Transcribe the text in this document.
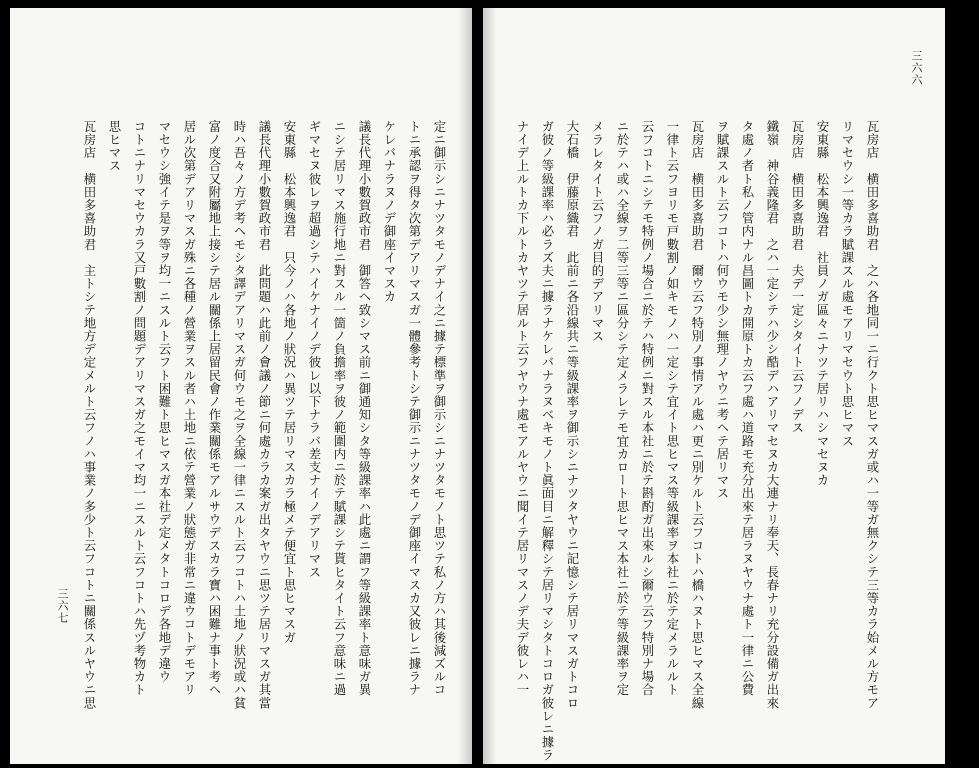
瓦房店　横田多喜助君　主トシテ地方デ定メルト云フノハ事業ノ多少ト云フコトニ關係スルヤウニ思 思ヒマス コトニナリマセウカラ又戸數割ノ問題デアリマスガ之モイマ均一ニスルト云フコトハ先ヅ考物カト マセウシ強イテ是ヲ等ヲ均一ニスルト云フト困難ト思ヒマスガ本社デ定メタトコロデ各地デ違ウ 居ル次第デアリマスガ殊ニ各種ノ營業ヲスル者ハ土地ニ依テ營業ノ狀態ガ非常ニ違ウコトデモアリ 富ノ度合又附屬地上接シテ居ル關係上居留民會ノ作業關係モアルサウデスカラ寶ハ困難ナ事ト考ヘ 時ハ吾々ノ方デ考ヘモシタ譯デアリマスガ何ウモ之ヲ全線一律ニスルト云フコトハ土地ノ狀況或ハ貧 議長代理小數賀政市君　此問題ハ此前ノ會議ノ節ニ何處カラカ案ガ出タヤウニ思ツテ居リマスガ其當 安東縣　松本興逸君　只今ノハ各地ノ狀況ハ異ツテ居リマスカラ極メテ便宜ト思ヒマスガ ギマセヌ彼レヲ超過シテハイケナイノデ彼レ以下ナラバ差支ナイノデアリマス ニシテ居リマス施行地ニ對スル一箇ノ負擔率ヲ彼ノ範圍内ニ於テ賦課シテ貰ヒタイト云フ意味ニ過 議長代理小數賀政市君　御答ヘ致シマス前ニ御通知シタ等級課率ハ此處ニ謂フ等級課率ト意味ガ異 ケレバナラヌノデ御座イマスカ トニ承認ヲ得タ次第デアリマスガ一體參考トシテ御示ニナツタモノデ御座イマスカ又彼レニ據ラナ 定ニ御示シニナツタモノデナイ之ニ據テ標準ヲ御示シニナツタモノト思ツテ私ノ方ハ其後減ズルコ
三六七	ナイデ上ルトカ下ルトカヤツテ居ルト云フヤウナ處モアルヤウニ聞イテ居リマスノデ夫デ彼レハ一 ガ彼ノ等級課率ハ必ラズ夫ニ據ラナケレバナラヌベキモノト眞面目ニ解釋シテ居リマシタトコロガ彼レニ據ラ 大石橋　伊藤原織君　此前ニ各沿線共ニ等級課率ヲ御示シニナツタヤウニ記憶シテ居リマスガトコロ メラレタイト云フノガ目的デアリマス ニ於テハ或ハ全線ヲ二等三等ニ區分シテ定メラレテモ宜カロート思ヒマス本社ニ於テ等級課率ヲ定 云フコトニシテモ特例ノ場合ニ於テハ特例ニ對スル本社ニ於テ斟酌ガ出來ルシ爾ウ云フ特別ナ場合 一律ト云フヨリモ戸數割ノ如キモノハ一定シテ宜イト思ヒマス等級課率ヲ本社ニ於テ定メラルルト 瓦房店　横田多喜助君　爾ウ云フ特別ノ事情アル處ハ更ニ別ケルト云フコトハ橋ハヌト思ヒマス全線 ヲ賦課スルト云フコトハ何ウモ少シ無理ノヤウニ考ヘテ居リマス タ處ノ者ト私ノ管内ナル昌圖トカ開原トカ云フ處ハ道路モ充分出來テ居ラヌヤウナ處ト一律ニ公費 鐵嶺　神谷義隆君　之ハ一定シテハ少シ酷デハアリマセヌカ大連ナリ奉天、長春ナリ充分設備ガ出來 瓦房店　横田多喜助君　夫デ一定シタイト云フノデス 安東縣　松本興逸君　社員ノガ區々ニナツテ居リハシマセヌカ リマセウシ一等カラ賦課スル處モアリマセウト思ヒマス 瓦房店　横田多喜助君　之ハ各地同一ニ行クト思ヒマスガ或ハ一等ガ無クシテ三等カラ始メル方モア
三六六
